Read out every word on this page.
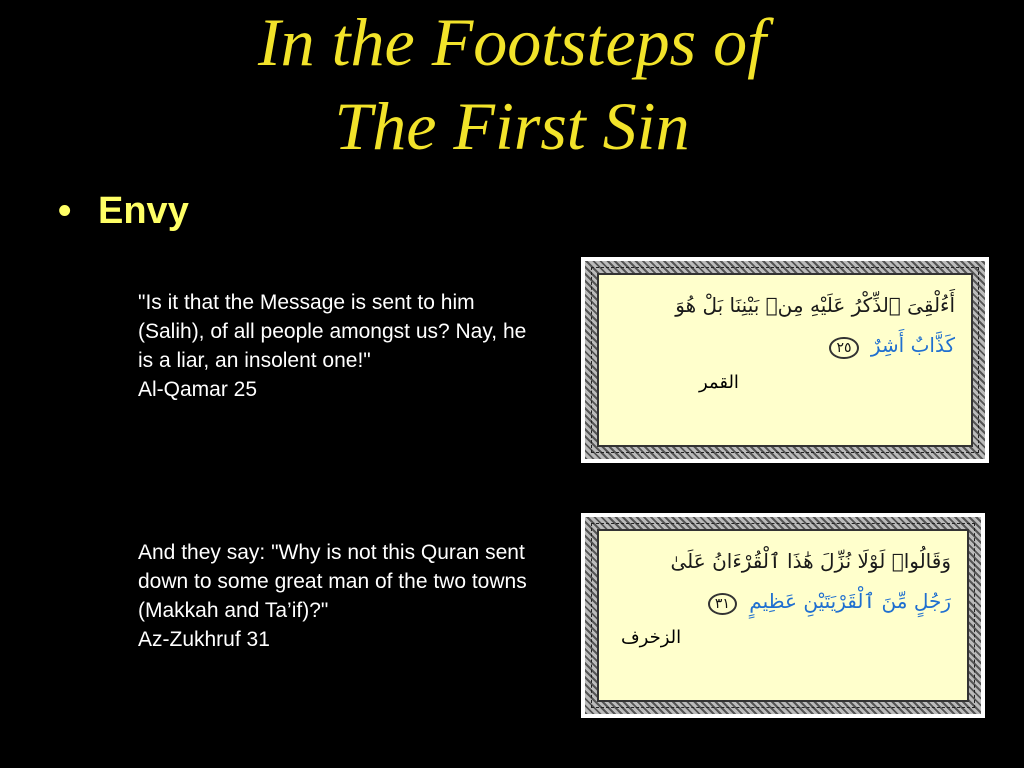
In the Footsteps of
The First Sin
• Envy
"Is it that the Message is sent to him (Salih), of all people amongst us? Nay, he is a liar, an insolent one!"
Al-Qamar 25
And they say: "Why is not this Quran sent down to some great man of the two towns (Makkah and Ta’if)?"
Az-Zukhruf 31
أَءُلْقِىَ ٱلذِّكْرُ عَلَيْهِ مِنۢ بَيْنِنَا بَلْ هُوَ
كَذَّابٌ أَشِرٌ ٢٥
القمر
وَقَالُوا۟ لَوْلَا نُزِّلَ هَٰذَا ٱلْقُرْءَانُ عَلَىٰ
رَجُلٍ مِّنَ ٱلْقَرْيَتَيْنِ عَظِيمٍ ٣١
الزخرف
